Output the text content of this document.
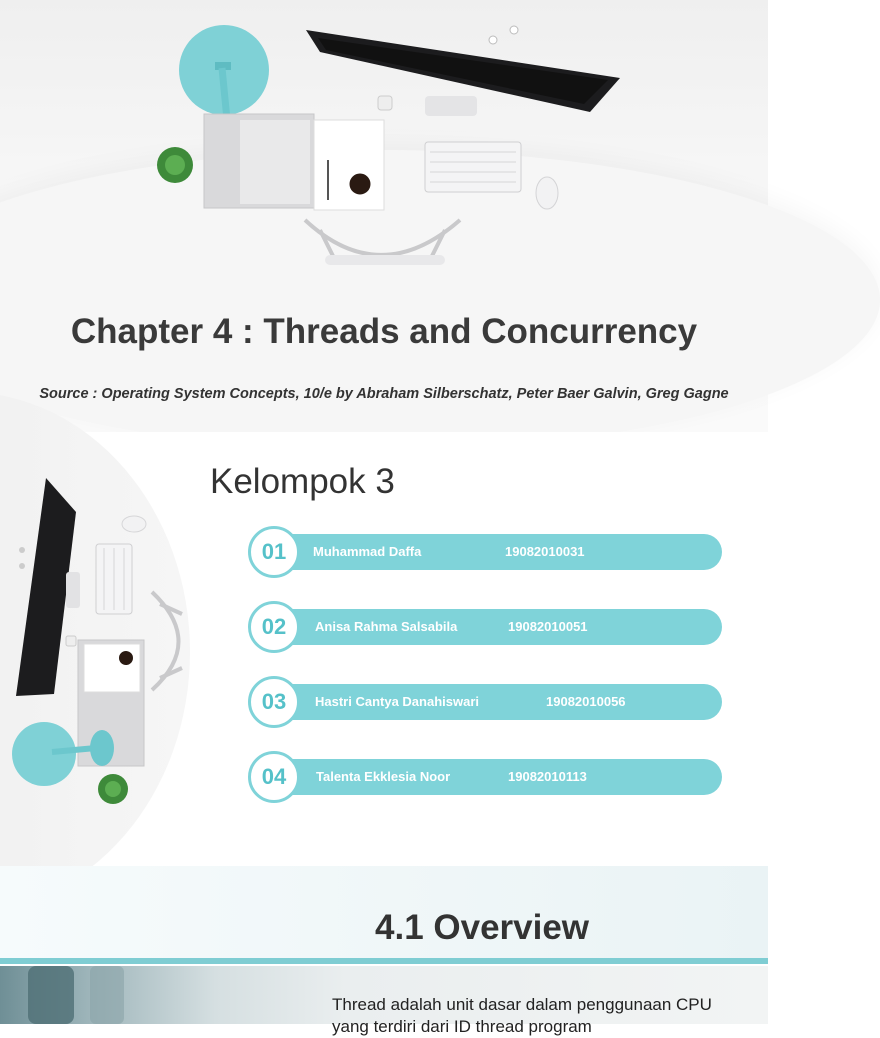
Chapter 4 : Threads and Concurrency
Source : Operating System Concepts, 10/e by Abraham Silberschatz, Peter Baer Galvin, Greg Gagne
Kelompok 3
01	Muhammad Daffa	19082010031
02	Anisa Rahma Salsabila	19082010051
03	Hastri Cantya Danahiswari	19082010056
04	Talenta Ekklesia Noor	19082010113
4.1 Overview
Thread adalah unit dasar dalam penggunaan CPU yang terdiri dari ID thread program
